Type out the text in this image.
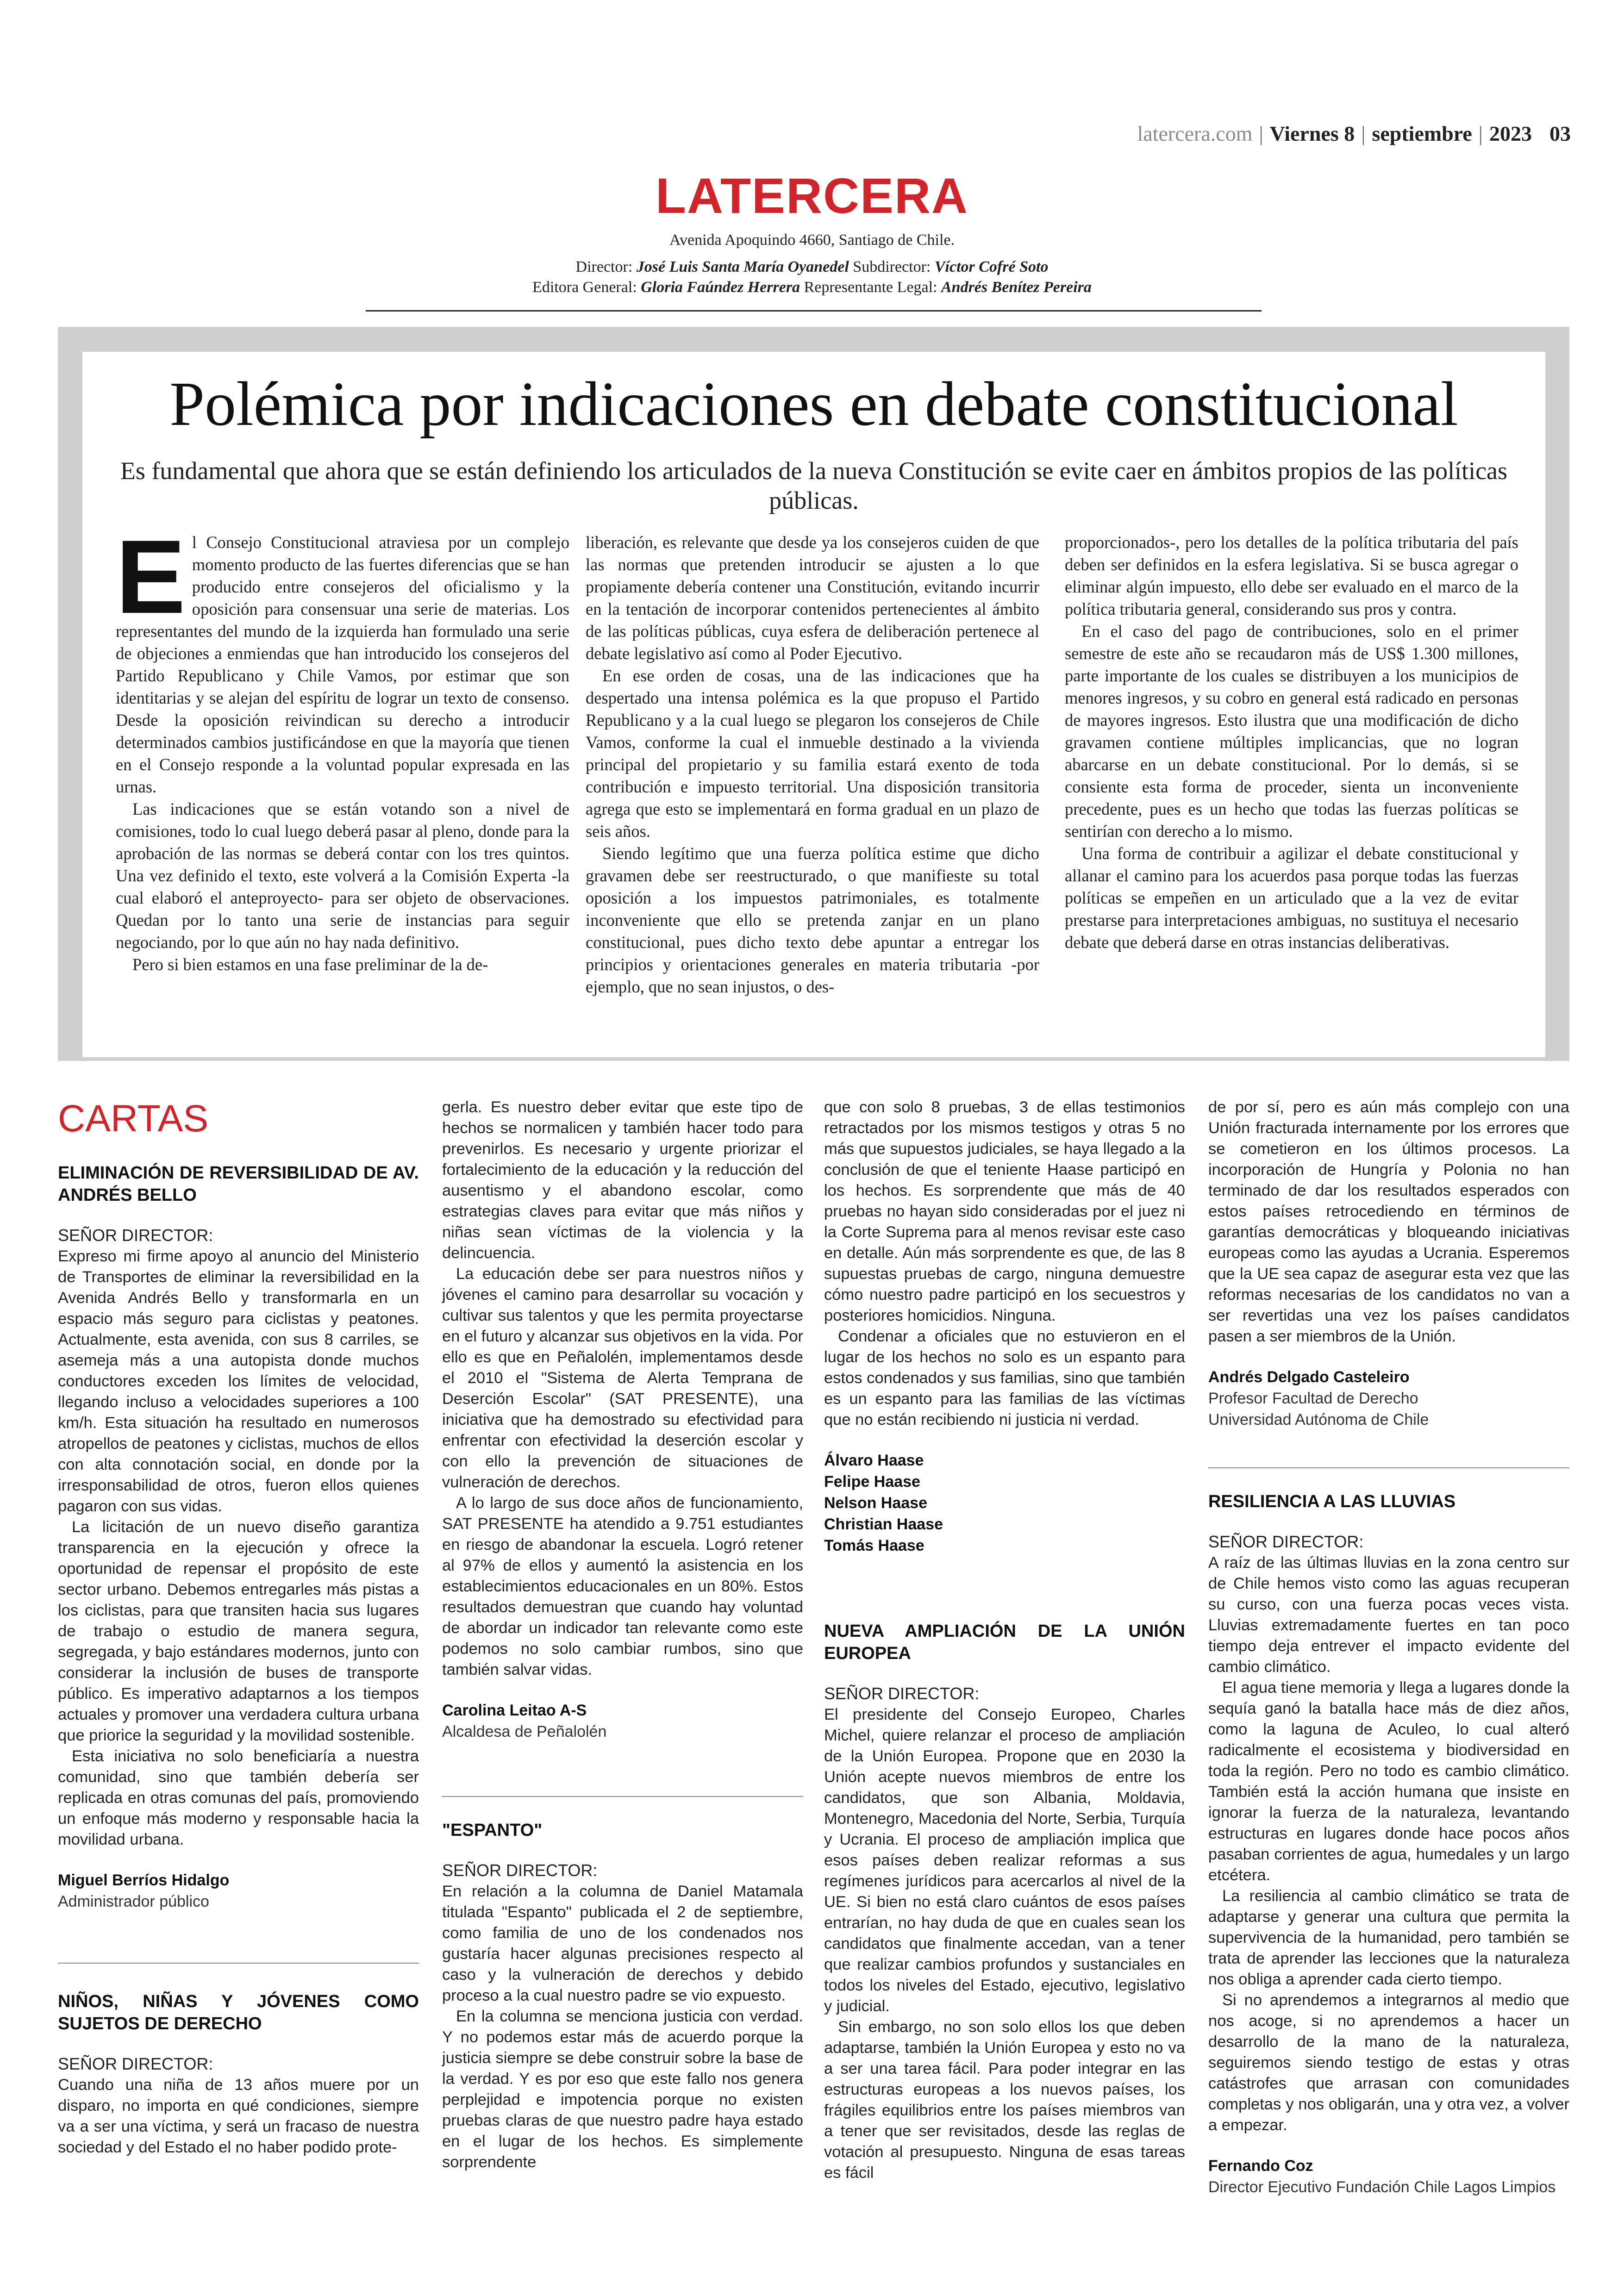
latercera.com | Viernes 8 | septiembre | 2023 03
LATERCERA
Avenida Apoquindo 4660, Santiago de Chile.
Director: José Luis Santa María Oyanedel Subdirector: Víctor Cofré Soto
Editora General: Gloria Faúndez Herrera Representante Legal: Andrés Benítez Pereira
Polémica por indicaciones en debate constitucional
Es fundamental que ahora que se están definiendo los articulados de la nueva Constitución se evite caer en ámbitos propios de las políticas públicas.
E l Consejo Constitucional atraviesa por un complejo momento producto de las fuertes diferencias que se han producido entre consejeros del oficialismo y la oposición para consensuar una serie de materias. Los representantes del mundo de la izquierda han formulado una serie de objeciones a enmiendas que han introducido los consejeros del Partido Republicano y Chile Vamos, por estimar que son identitarias y se alejan del espíritu de lograr un texto de consenso. Desde la oposición reivindican su derecho a introducir determinados cambios justificándose en que la mayoría que tienen en el Consejo responde a la voluntad popular expresada en las urnas.

Las indicaciones que se están votando son a nivel de comisiones, todo lo cual luego deberá pasar al pleno, donde para la aprobación de las normas se deberá contar con los tres quintos. Una vez definido el texto, este volverá a la Comisión Experta -la cual elaboró el anteproyecto- para ser objeto de observaciones. Quedan por lo tanto una serie de instancias para seguir negociando, por lo que aún no hay nada definitivo.

Pero si bien estamos en una fase preliminar de la de-

liberación, es relevante que desde ya los consejeros cuiden de que las normas que pretenden introducir se ajusten a lo que propiamente debería contener una Constitución, evitando incurrir en la tentación de incorporar contenidos pertenecientes al ámbito de las políticas públicas, cuya esfera de deliberación pertenece al debate legislativo así como al Poder Ejecutivo.

En ese orden de cosas, una de las indicaciones que ha despertado una intensa polémica es la que propuso el Partido Republicano y a la cual luego se plegaron los consejeros de Chile Vamos, conforme la cual el inmueble destinado a la vivienda principal del propietario y su familia estará exento de toda contribución e impuesto territorial. Una disposición transitoria agrega que esto se implementará en forma gradual en un plazo de seis años.

Siendo legítimo que una fuerza política estime que dicho gravamen debe ser reestructurado, o que manifieste su total oposición a los impuestos patrimoniales, es totalmente inconveniente que ello se pretenda zanjar en un plano constitucional, pues dicho texto debe apuntar a entregar los principios y orientaciones generales en materia tributaria -por ejemplo, que no sean injustos, o des-

proporcionados-, pero los detalles de la política tributaria del país deben ser definidos en la esfera legislativa. Si se busca agregar o eliminar algún impuesto, ello debe ser evaluado en el marco de la política tributaria general, considerando sus pros y contra.

En el caso del pago de contribuciones, solo en el primer semestre de este año se recaudaron más de US$ 1.300 millones, parte importante de los cuales se distribuyen a los municipios de menores ingresos, y su cobro en general está radicado en personas de mayores ingresos. Esto ilustra que una modificación de dicho gravamen contiene múltiples implicancias, que no logran abarcarse en un debate constitucional. Por lo demás, si se consiente esta forma de proceder, sienta un inconveniente precedente, pues es un hecho que todas las fuerzas políticas se sentirían con derecho a lo mismo.

Una forma de contribuir a agilizar el debate constitucional y allanar el camino para los acuerdos pasa porque todas las fuerzas políticas se empeñen en un articulado que a la vez de evitar prestarse para interpretaciones ambiguas, no sustituya el necesario debate que deberá darse en otras instancias deliberativas.

CARTAS
ELIMINACIÓN DE REVERSIBILIDAD DE AV. ANDRÉS BELLO
SEÑOR DIRECTOR:

Expreso mi firme apoyo al anuncio del Ministerio de Transportes de eliminar la reversibilidad en la Avenida Andrés Bello y transformarla en un espacio más seguro para ciclistas y peatones. Actualmente, esta avenida, con sus 8 carriles, se asemeja más a una autopista donde muchos conductores exceden los límites de velocidad, llegando incluso a velocidades superiores a 100 km/h. Esta situación ha resultado en numerosos atropellos de peatones y ciclistas, muchos de ellos con alta connotación social, en donde por la irresponsabilidad de otros, fueron ellos quienes pagaron con sus vidas.

La licitación de un nuevo diseño garantiza transparencia en la ejecución y ofrece la oportunidad de repensar el propósito de este sector urbano. Debemos entregarles más pistas a los ciclistas, para que transiten hacia sus lugares de trabajo o estudio de manera segura, segregada, y bajo estándares modernos, junto con considerar la inclusión de buses de transporte público. Es imperativo adaptarnos a los tiempos actuales y promover una verdadera cultura urbana que priorice la seguridad y la movilidad sostenible.

Esta iniciativa no solo beneficiaría a nuestra comunidad, sino que también debería ser replicada en otras comunas del país, promoviendo un enfoque más moderno y responsable hacia la movilidad urbana.

Miguel Berríos Hidalgo
Administrador público
NIÑOS, NIÑAS Y JÓVENES COMO SUJETOS DE DERECHO
SEÑOR DIRECTOR:

Cuando una niña de 13 años muere por un disparo, no importa en qué condiciones, siempre va a ser una víctima, y será un fracaso de nuestra sociedad y del Estado el no haber podido prote-

gerla. Es nuestro deber evitar que este tipo de hechos se normalicen y también hacer todo para prevenirlos. Es necesario y urgente priorizar el fortalecimiento de la educación y la reducción del ausentismo y el abandono escolar, como estrategias claves para evitar que más niños y niñas sean víctimas de la violencia y la delincuencia.

La educación debe ser para nuestros niños y jóvenes el camino para desarrollar su vocación y cultivar sus talentos y que les permita proyectarse en el futuro y alcanzar sus objetivos en la vida. Por ello es que en Peñalolén, implementamos desde el 2010 el "Sistema de Alerta Temprana de Deserción Escolar" (SAT PRESENTE), una iniciativa que ha demostrado su efectividad para enfrentar con efectividad la deserción escolar y con ello la prevención de situaciones de vulneración de derechos.

A lo largo de sus doce años de funcionamiento, SAT PRESENTE ha atendido a 9.751 estudiantes en riesgo de abandonar la escuela. Logró retener al 97% de ellos y aumentó la asistencia en los establecimientos educacionales en un 80%. Estos resultados demuestran que cuando hay voluntad de abordar un indicador tan relevante como este podemos no solo cambiar rumbos, sino que también salvar vidas.

Carolina Leitao A-S
Alcaldesa de Peñalolén
"ESPANTO"
SEÑOR DIRECTOR:

En relación a la columna de Daniel Matamala titulada "Espanto" publicada el 2 de septiembre, como familia de uno de los condenados nos gustaría hacer algunas precisiones respecto al caso y la vulneración de derechos y debido proceso a la cual nuestro padre se vio expuesto.

En la columna se menciona justicia con verdad. Y no podemos estar más de acuerdo porque la justicia siempre se debe construir sobre la base de la verdad. Y es por eso que este fallo nos genera perplejidad e impotencia porque no existen pruebas claras de que nuestro padre haya estado en el lugar de los hechos. Es simplemente sorprendente

que con solo 8 pruebas, 3 de ellas testimonios retractados por los mismos testigos y otras 5 no más que supuestos judiciales, se haya llegado a la conclusión de que el teniente Haase participó en los hechos. Es sorprendente que más de 40 pruebas no hayan sido consideradas por el juez ni la Corte Suprema para al menos revisar este caso en detalle. Aún más sorprendente es que, de las 8 supuestas pruebas de cargo, ninguna demuestre cómo nuestro padre participó en los secuestros y posteriores homicidios. Ninguna.

Condenar a oficiales que no estuvieron en el lugar de los hechos no solo es un espanto para estos condenados y sus familias, sino que también es un espanto para las familias de las víctimas que no están recibiendo ni justicia ni verdad.

Álvaro Haase
Felipe Haase
Nelson Haase
Christian Haase
Tomás Haase
NUEVA AMPLIACIÓN DE LA UNIÓN EUROPEA
SEÑOR DIRECTOR:

El presidente del Consejo Europeo, Charles Michel, quiere relanzar el proceso de ampliación de la Unión Europea. Propone que en 2030 la Unión acepte nuevos miembros de entre los candidatos, que son Albania, Moldavia, Montenegro, Macedonia del Norte, Serbia, Turquía y Ucrania. El proceso de ampliación implica que esos países deben realizar reformas a sus regímenes jurídicos para acercarlos al nivel de la UE. Si bien no está claro cuántos de esos países entrarían, no hay duda de que en cuales sean los candidatos que finalmente accedan, van a tener que realizar cambios profundos y sustanciales en todos los niveles del Estado, ejecutivo, legislativo y judicial.

Sin embargo, no son solo ellos los que deben adaptarse, también la Unión Europea y esto no va a ser una tarea fácil. Para poder integrar en las estructuras europeas a los nuevos países, los frágiles equilibrios entre los países miembros van a tener que ser revisitados, desde las reglas de votación al presupuesto. Ninguna de esas tareas es fácil

de por sí, pero es aún más complejo con una Unión fracturada internamente por los errores que se cometieron en los últimos procesos. La incorporación de Hungría y Polonia no han terminado de dar los resultados esperados con estos países retrocediendo en términos de garantías democráticas y bloqueando iniciativas europeas como las ayudas a Ucrania. Esperemos que la UE sea capaz de asegurar esta vez que las reformas necesarias de los candidatos no van a ser revertidas una vez los países candidatos pasen a ser miembros de la Unión.

Andrés Delgado Casteleiro
Profesor Facultad de Derecho
Universidad Autónoma de Chile
RESILIENCIA A LAS LLUVIAS
SEÑOR DIRECTOR:

A raíz de las últimas lluvias en la zona centro sur de Chile hemos visto como las aguas recuperan su curso, con una fuerza pocas veces vista. Lluvias extremadamente fuertes en tan poco tiempo deja entrever el impacto evidente del cambio climático.

El agua tiene memoria y llega a lugares donde la sequía ganó la batalla hace más de diez años, como la laguna de Aculeo, lo cual alteró radicalmente el ecosistema y biodiversidad en toda la región. Pero no todo es cambio climático. También está la acción humana que insiste en ignorar la fuerza de la naturaleza, levantando estructuras en lugares donde hace pocos años pasaban corrientes de agua, humedales y un largo etcétera.

La resiliencia al cambio climático se trata de adaptarse y generar una cultura que permita la supervivencia de la humanidad, pero también se trata de aprender las lecciones que la naturaleza nos obliga a aprender cada cierto tiempo.

Si no aprendemos a integrarnos al medio que nos acoge, si no aprendemos a hacer un desarrollo de la mano de la naturaleza, seguiremos siendo testigo de estas y otras catástrofes que arrasan con comunidades completas y nos obligarán, una y otra vez, a volver a empezar.

Fernando Coz
Director Ejecutivo Fundación Chile Lagos Limpios
